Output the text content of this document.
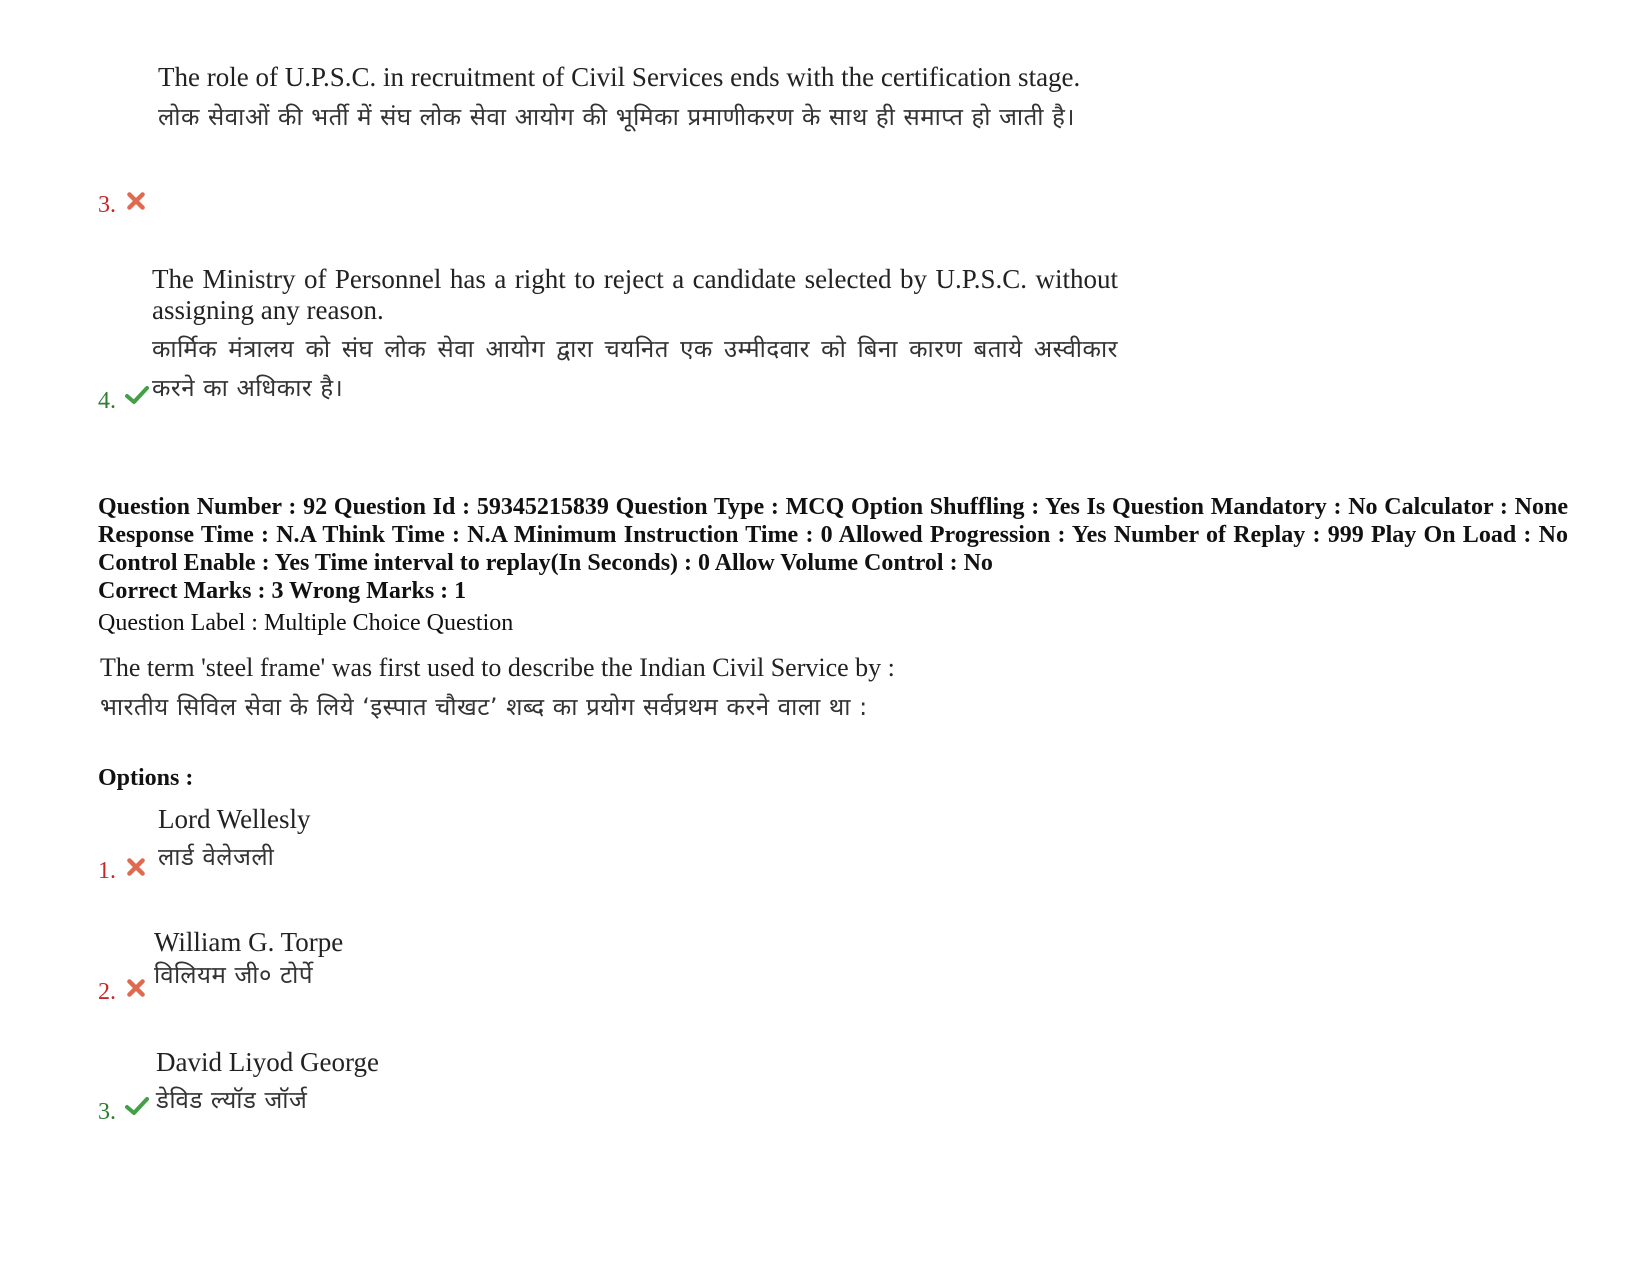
The role of U.P.S.C. in recruitment of Civil Services ends with the certification stage.
लोक सेवाओं की भर्ती में संघ लोक सेवा आयोग की भूमिका प्रमाणीकरण के साथ ही समाप्त हो जाती है।
3.
The Ministry of Personnel has a right to reject a candidate selected by U.P.S.C. without assigning any reason.
कार्मिक मंत्रालय को संघ लोक सेवा आयोग द्वारा चयनित एक उम्मीदवार को बिना कारण बताये अस्वीकार करने का अधिकार है।
4.
Question Number : 92 Question Id : 59345215839 Question Type : MCQ Option Shuffling : Yes Is Question Mandatory : No Calculator : None Response Time : N.A Think Time : N.A Minimum Instruction Time : 0 Allowed Progression : Yes Number of Replay : 999 Play On Load : No Control Enable : Yes Time interval to replay(In Seconds) : 0 Allow Volume Control : No
Correct Marks : 3 Wrong Marks : 1
Question Label : Multiple Choice Question
The term 'steel frame' was first used to describe the Indian Civil Service by :
भारतीय सिविल सेवा के लिये ‘इस्पात चौखट’ शब्द का प्रयोग सर्वप्रथम करने वाला था :
Options :
Lord Wellesly
लार्ड वेलेजली
1.
William G. Torpe
विलियम जी० टोर्पे
2.
David Liyod George
डेविड ल्यॉड जॉर्ज
3.
